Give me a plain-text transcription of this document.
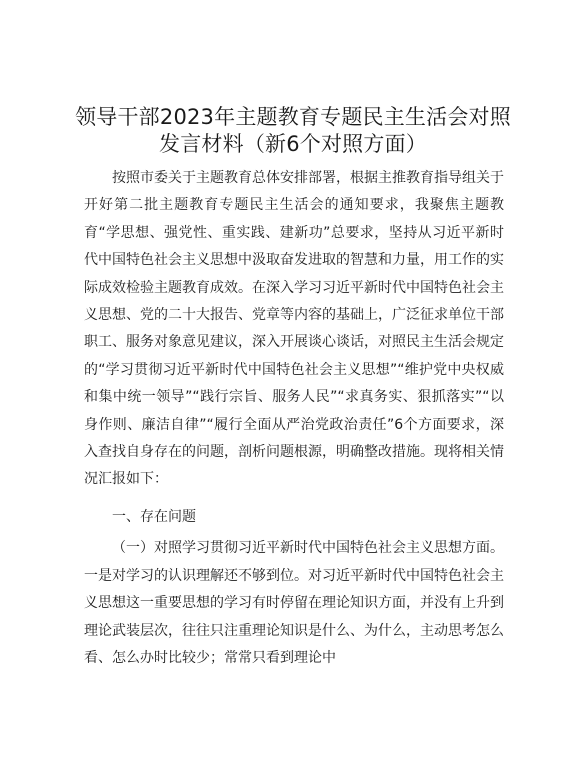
领导干部2023年主题教育专题民主生活会对照
发言材料（新6个对照方面）

按照市委关于主题教育总体安排部署，根据主推教育指导组关于开好第二批主题教育专题民主生活会的通知要求，我聚焦主题教育“学思想、强党性、重实践、建新功”总要求，坚持从习近平新时代中国特色社会主义思想中汲取奋发进取的智慧和力量，用工作的实际成效检验主题教育成效。在深入学习习近平新时代中国特色社会主义思想、党的二十大报告、党章等内容的基础上，广泛征求单位干部职工、服务对象意见建议，深入开展谈心谈话，对照民主生活会规定的“学习贯彻习近平新时代中国特色社会主义思想”“维护党中央权威和集中统一领导”“践行宗旨、服务人民”“求真务实、狠抓落实”“以身作则、廉洁自律”“履行全面从严治党政治责任”6个方面要求，深入查找自身存在的问题，剖析问题根源，明确整改措施。现将相关情况汇报如下：

一、存在问题

（一）对照学习贯彻习近平新时代中国特色社会主义思想方面。一是对学习的认识理解还不够到位。对习近平新时代中国特色社会主义思想这一重要思想的学习有时停留在理论知识方面，并没有上升到理论武装层次，往往只注重理论知识是什么、为什么，主动思考怎么看、怎么办时比较少；常常只看到理论中
